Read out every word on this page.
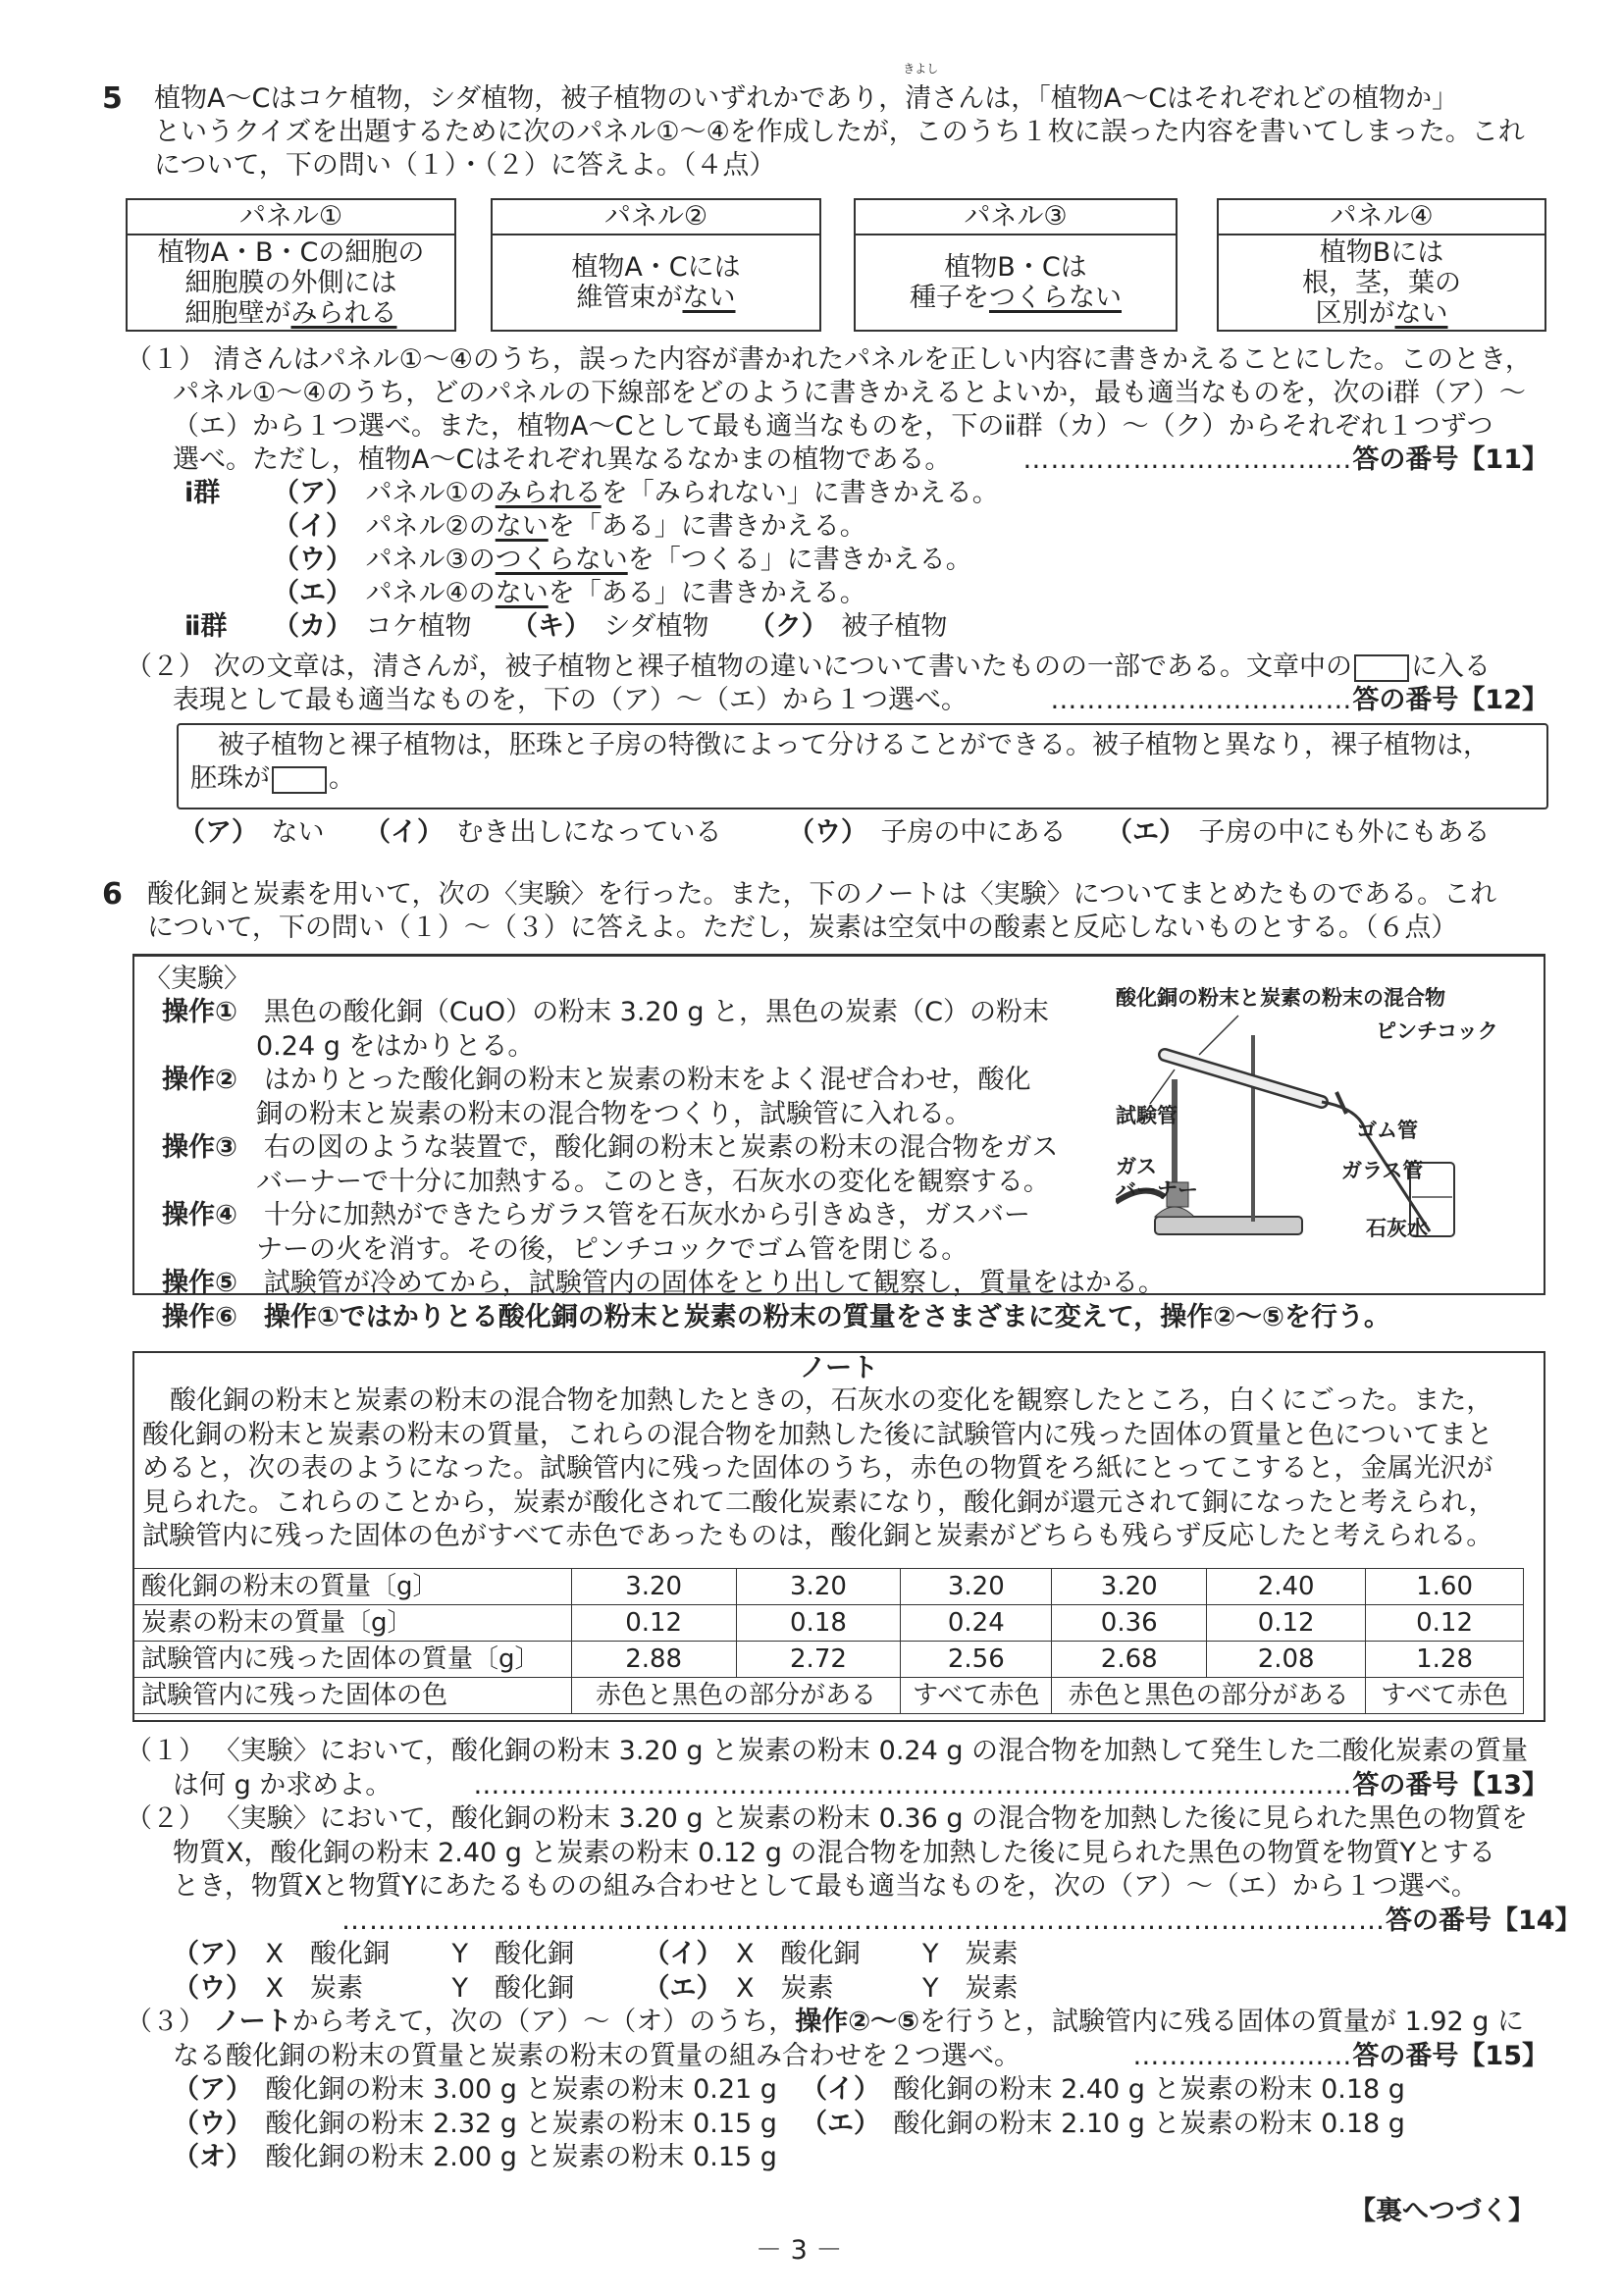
5 植物A～Cはコケ植物，シダ植物，被子植物のいずれかであり，
きよし
清さんは，「植物A～Cはそれぞれどの植物か」
というクイズを出題するために次のパネル①～④を作成したが，このうち１枚に誤った内容を書いてしまった。これ
について，下の問い（１）・（２）に答えよ。（４点）
パネル①
植物A・B・Cの細胞の
細胞膜の外側には
細胞壁がみられる
パネル②
植物A・Cには
維管束がない
パネル③
植物B・Cは
種子をつくらない
パネル④
植物Bには
根，茎，葉の
区別がない
（１） 清さんはパネル①～④のうち，誤った内容が書かれたパネルを正しい内容に書きかえることにした。このとき，
パネル①～④のうち，どのパネルの下線部をどのように書きかえるとよいか，最も適当なものを，次のⅰ群（ア）～
（エ）から１つ選べ。また，植物A～Cとして最も適当なものを，下のⅱ群（カ）～（ク）からそれぞれ１つずつ
選べ。ただし，植物A～Cはそれぞれ異なるなかまの植物である。	……………………………… 答の番号【11】
ⅰ群 （ア）　 パネル①のみられるを「みられない」に書きかえる。
（イ）　 パネル②のないを「ある」に書きかえる。
（ウ）　 パネル③のつくらないを「つくる」に書きかえる。
（エ）　 パネル④のないを「ある」に書きかえる。
ⅱ群 （カ）　 コケ植物　　 （キ）　 シダ植物　　 （ク）　 被子植物
（２） 次の文章は，清さんが，被子植物と裸子植物の違いについて書いたものの一部である。文章中の に入る
表現として最も適当なものを，下の（ア）～（エ）から１つ選べ。	…………………………… 答の番号【12】
被子植物と裸子植物は，胚珠と子房の特徴によって分けることができる。被子植物と異なり，裸子植物は，
胚珠が 。
（ア）　 ない　　 （イ）　 むき出しになっている　　　	（ウ）　 子房の中にある　　 （エ）　 子房の中にも外にもある
6 酸化銅と炭素を用いて，次の〈実験〉を行った。また，下のノートは〈実験〉についてまとめたものである。これ
について，下の問い（１）～（３）に答えよ。ただし，炭素は空気中の酸素と反応しないものとする。（６点）
〈実験〉
操作①　 黒色の酸化銅（CuO）の粉末 3.20 g と，黒色の炭素（C）の粉末
0.24 g をはかりとる。
操作②　 はかりとった酸化銅の粉末と炭素の粉末をよく混ぜ合わせ，酸化
銅の粉末と炭素の粉末の混合物をつくり，試験管に入れる。
操作③　 右の図のような装置で，酸化銅の粉末と炭素の粉末の混合物をガス
バーナーで十分に加熱する。このとき，石灰水の変化を観察する。
操作④　 十分に加熱ができたらガラス管を石灰水から引きぬき，ガスバー
ナーの火を消す。その後，ピンチコックでゴム管を閉じる。
操作⑤　 試験管が冷めてから，試験管内の固体をとり出して観察し，質量をはかる。
操作⑥　 操作①ではかりとる酸化銅の粉末と炭素の粉末の質量をさまざまに変えて，操作②～⑤を行う。
酸化銅の粉末と炭素の粉末の混合物
ピンチコック
試験管
ゴム管
ガス
バーナー
ガラス管
石灰水
ノート
酸化銅の粉末と炭素の粉末の混合物を加熱したときの，石灰水の変化を観察したところ，白くにごった。また，
酸化銅の粉末と炭素の粉末の質量，これらの混合物を加熱した後に試験管内に残った固体の質量と色についてまと
めると，次の表のようになった。試験管内に残った固体のうち，赤色の物質をろ紙にとってこすると，金属光沢が
見られた。これらのことから，炭素が酸化されて二酸化炭素になり，酸化銅が還元されて銅になったと考えられ，
試験管内に残った固体の色がすべて赤色であったものは，酸化銅と炭素がどちらも残らず反応したと考えられる。
酸化銅の粉末の質量〔g〕	3.20	3.20	3.20	3.20	2.40	1.60
炭素の粉末の質量〔g〕	0.12	0.18	0.24	0.36	0.12	0.12
試験管内に残った固体の質量〔g〕	2.88	2.72	2.56	2.68	2.08	1.28
試験管内に残った固体の色	赤色と黒色の部分がある		すべて赤色	赤色と黒色の部分がある		すべて赤色
（１） 〈実験〉において，酸化銅の粉末 3.20 g と炭素の粉末 0.24 g の混合物を加熱して発生した二酸化炭素の質量
は何 g か求めよ。	…………………………………………………………………………………… 答の番号【13】
（２） 〈実験〉において，酸化銅の粉末 3.20 g と炭素の粉末 0.36 g の混合物を加熱した後に見られた黒色の物質を
物質X，酸化銅の粉末 2.40 g と炭素の粉末 0.12 g の混合物を加熱した後に見られた黒色の物質を物質Yとする
とき，物質Xと物質Yにあたるものの組み合わせとして最も適当なものを，次の（ア）～（エ）から１つ選べ。
…………………………………………………………………………………………………… 答の番号【14】
（ア）　 X　酸化銅 Y　酸化銅	（イ）　 X　酸化銅 Y　炭素
（ウ）　 X　炭素	Y　酸化銅	（エ）　 X　炭素	Y　炭素
（３） ノートから考えて，次の（ア）～（オ）のうち，操作②～⑤を行うと，試験管内に残る固体の質量が 1.92 g に
なる酸化銅の粉末の質量と炭素の粉末の質量の組み合わせを２つ選べ。	…………………… 答の番号【15】
（ア）　 酸化銅の粉末 3.00 g と炭素の粉末 0.21 g （イ）　 酸化銅の粉末 2.40 g と炭素の粉末 0.18 g
（ウ）　 酸化銅の粉末 2.32 g と炭素の粉末 0.15 g （エ）　 酸化銅の粉末 2.10 g と炭素の粉末 0.18 g
（オ）　 酸化銅の粉末 2.00 g と炭素の粉末 0.15 g
【裏へつづく】
－ 3 －
